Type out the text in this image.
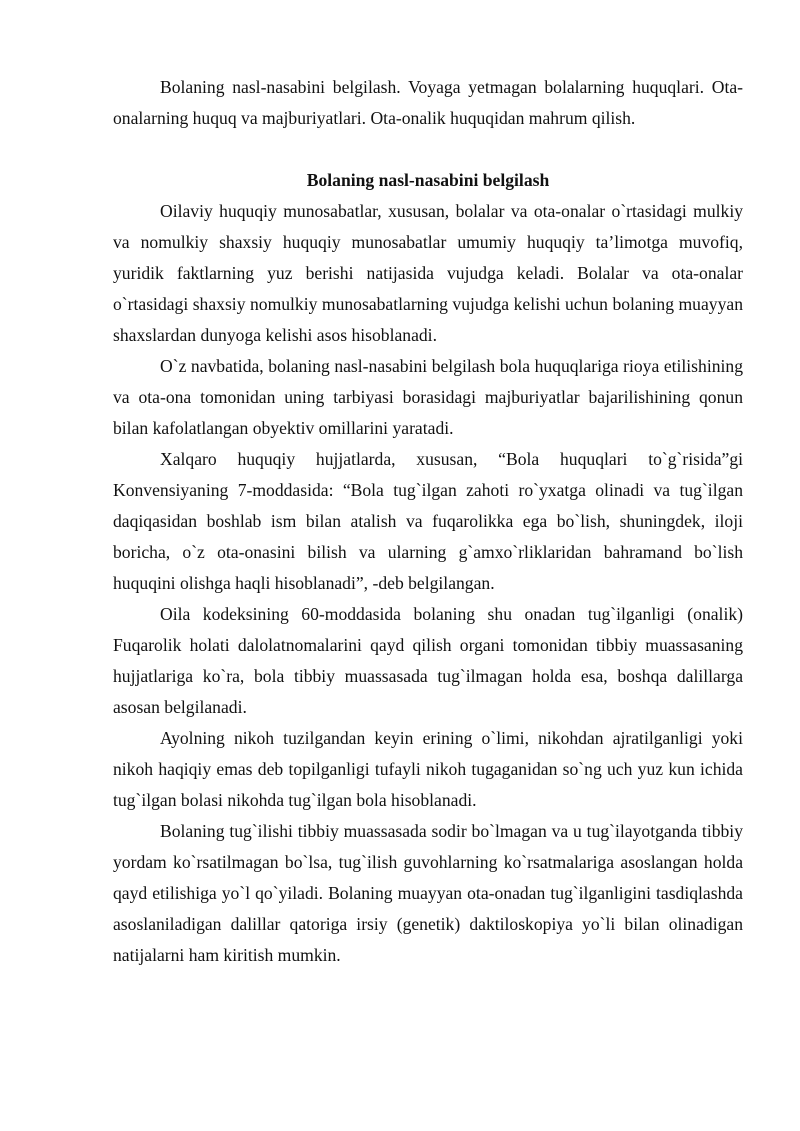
Bolaning nasl-nasabini belgilash. Voyaga yetmagan bolalarning huquqlari. Ota-onalarning huquq va majburiyatlari. Ota-onalik huquqidan mahrum qilish.

Bolaning nasl-nasabini belgilash

Oilaviy huquqiy munosabatlar, xususan, bolalar va ota-onalar o`rtasidagi mulkiy va nomulkiy shaxsiy huquqiy munosabatlar umumiy huquqiy ta’limotga muvofiq, yuridik faktlarning yuz berishi natijasida vujudga keladi. Bolalar va ota-onalar o`rtasidagi shaxsiy nomulkiy munosabatlarning vujudga kelishi uchun bolaning muayyan shaxslardan dunyoga kelishi asos hisoblanadi.

O`z navbatida, bolaning nasl-nasabini belgilash bola huquqlariga rioya etilishining va ota-ona tomonidan uning tarbiyasi borasidagi majburiyatlar bajarilishining qonun bilan kafolatlangan obyektiv omillarini yaratadi.

Xalqaro huquqiy hujjatlarda, xususan, “Bola huquqlari to`g`risida”gi Konvensiyaning 7-moddasida: “Bola tug`ilgan zahoti ro`yxatga olinadi va tug`ilgan daqiqasidan boshlab ism bilan atalish va fuqarolikka ega bo`lish, shuningdek, iloji boricha, o`z ota-onasini bilish va ularning g`amxo`rliklaridan bahramand bo`lish huquqini olishga haqli hisoblanadi”, -deb belgilangan.

Oila kodeksining 60-moddasida bolaning shu onadan tug`ilganligi (onalik) Fuqarolik holati dalolatnomalarini qayd qilish organi tomonidan tibbiy muassasaning hujjatlariga ko`ra, bola tibbiy muassasada tug`ilmagan holda esa, boshqa dalillarga asosan belgilanadi.

Ayolning nikoh tuzilgandan keyin erining o`limi, nikohdan ajratilganligi yoki nikoh haqiqiy emas deb topilganligi tufayli nikoh tugaganidan so`ng uch yuz kun ichida tug`ilgan bolasi nikohda tug`ilgan bola hisoblanadi.

Bolaning tug`ilishi tibbiy muassasada sodir bo`lmagan va u tug`ilayotganda tibbiy yordam ko`rsatilmagan bo`lsa, tug`ilish guvohlarning ko`rsatmalariga asoslangan holda qayd etilishiga yo`l qo`yiladi. Bolaning muayyan ota-onadan tug`ilganligini tasdiqlashda asoslaniladigan dalillar qatoriga irsiy (genetik) daktiloskopiya yo`li bilan olinadigan natijalarni ham kiritish mumkin.
